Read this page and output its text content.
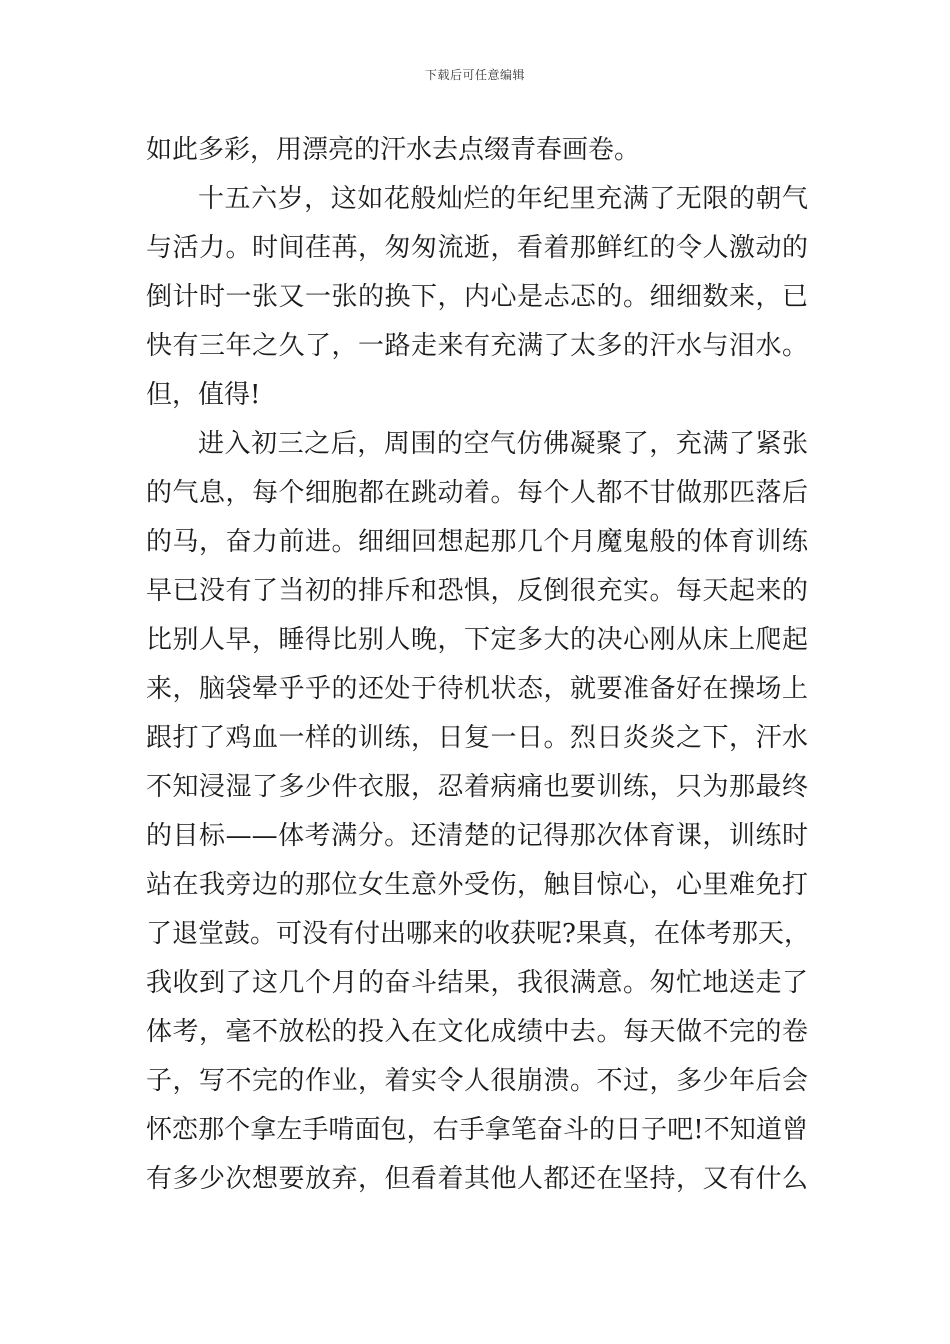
下载后可任意编辑
如此多彩，用漂亮的汗水去点缀青春画卷。
十五六岁，这如花般灿烂的年纪里充满了无限的朝气
与活力。时间荏苒，匆匆流逝，看着那鲜红的令人激动的
倒计时一张又一张的换下，内心是忐忑的。细细数来，已
快有三年之久了，一路走来有充满了太多的汗水与泪水。
但，值得!
进入初三之后，周围的空气仿佛凝聚了，充满了紧张
的气息，每个细胞都在跳动着。每个人都不甘做那匹落后
的马，奋力前进。细细回想起那几个月魔鬼般的体育训练
早已没有了当初的排斥和恐惧，反倒很充实。每天起来的
比别人早，睡得比别人晚，下定多大的决心刚从床上爬起
来，脑袋晕乎乎的还处于待机状态，就要准备好在操场上
跟打了鸡血一样的训练，日复一日。烈日炎炎之下，汗水
不知浸湿了多少件衣服，忍着病痛也要训练，只为那最终
的目标——体考满分。还清楚的记得那次体育课，训练时
站在我旁边的那位女生意外受伤，触目惊心，心里难免打
了退堂鼓。可没有付出哪来的收获呢?果真，在体考那天，
我收到了这几个月的奋斗结果，我很满意。匆忙地送走了
体考，毫不放松的投入在文化成绩中去。每天做不完的卷
子，写不完的作业，着实令人很崩溃。不过，多少年后会
怀恋那个拿左手啃面包，右手拿笔奋斗的日子吧!不知道曾
有多少次想要放弃，但看着其他人都还在坚持，又有什么
